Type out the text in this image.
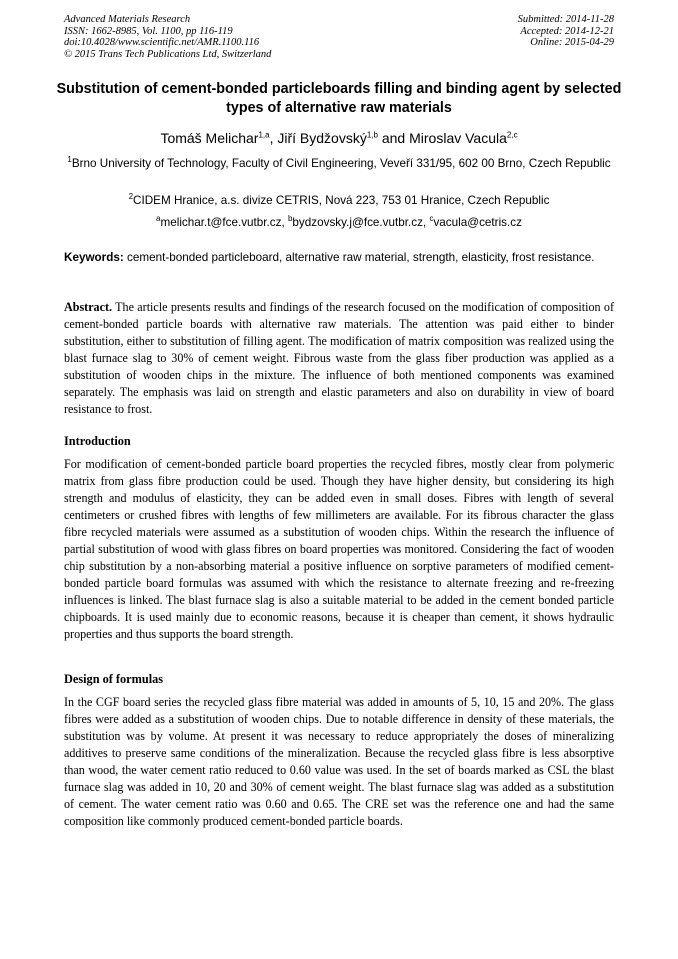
Advanced Materials Research
ISSN: 1662-8985, Vol. 1100, pp 116-119
doi:10.4028/www.scientific.net/AMR.1100.116
© 2015 Trans Tech Publications Ltd, Switzerland
Submitted: 2014-11-28
Accepted: 2014-12-21
Online: 2015-04-29
Substitution of cement-bonded particleboards filling and binding agent by selected types of alternative raw materials
Tomáš Melichar$^{1,a}$, Jiří Bydžovský$^{1,b}$ and Miroslav Vacula$^{2,c}$
$^1$Brno University of Technology, Faculty of Civil Engineering, Veveří 331/95, 602 00 Brno, Czech Republic
$^2$CIDEM Hranice, a.s. divize CETRIS, Nová 223, 753 01 Hranice, Czech Republic
$^a$melichar.t@fce.vutbr.cz, $^b$bydzovsky.j@fce.vutbr.cz, $^c$vacula@cetris.cz
Keywords: cement-bonded particleboard, alternative raw material, strength, elasticity, frost resistance.
Abstract. The article presents results and findings of the research focused on the modification of composition of cement-bonded particle boards with alternative raw materials. The attention was paid either to binder substitution, either to substitution of filling agent. The modification of matrix composition was realized using the blast furnace slag to 30% of cement weight. Fibrous waste from the glass fiber production was applied as a substitution of wooden chips in the mixture. The influence of both mentioned components was examined separately. The emphasis was laid on strength and elastic parameters and also on durability in view of board resistance to frost.
Introduction
For modification of cement-bonded particle board properties the recycled fibres, mostly clear from polymeric matrix from glass fibre production could be used. Though they have higher density, but considering its high strength and modulus of elasticity, they can be added even in small doses. Fibres with length of several centimeters or crushed fibres with lengths of few millimeters are available. For its fibrous character the glass fibre recycled materials were assumed as a substitution of wooden chips. Within the research the influence of partial substitution of wood with glass fibres on board properties was monitored. Considering the fact of wooden chip substitution by a non-absorbing material a positive influence on sorptive parameters of modified cement-bonded particle board formulas was assumed with which the resistance to alternate freezing and re-freezing influences is linked. The blast furnace slag is also a suitable material to be added in the cement bonded particle chipboards. It is used mainly due to economic reasons, because it is cheaper than cement, it shows hydraulic properties and thus supports the board strength.
Design of formulas
In the CGF board series the recycled glass fibre material was added in amounts of 5, 10, 15 and 20%. The glass fibres were added as a substitution of wooden chips. Due to notable difference in density of these materials, the substitution was by volume. At present it was necessary to reduce appropriately the doses of mineralizing additives to preserve same conditions of the mineralization. Because the recycled glass fibre is less absorptive than wood, the water cement ratio reduced to 0.60 value was used. In the set of boards marked as CSL the blast furnace slag was added in 10, 20 and 30% of cement weight. The blast furnace slag was added as a substitution of cement. The water cement ratio was 0.60 and 0.65. The CRE set was the reference one and had the same composition like commonly produced cement-bonded particle boards.
